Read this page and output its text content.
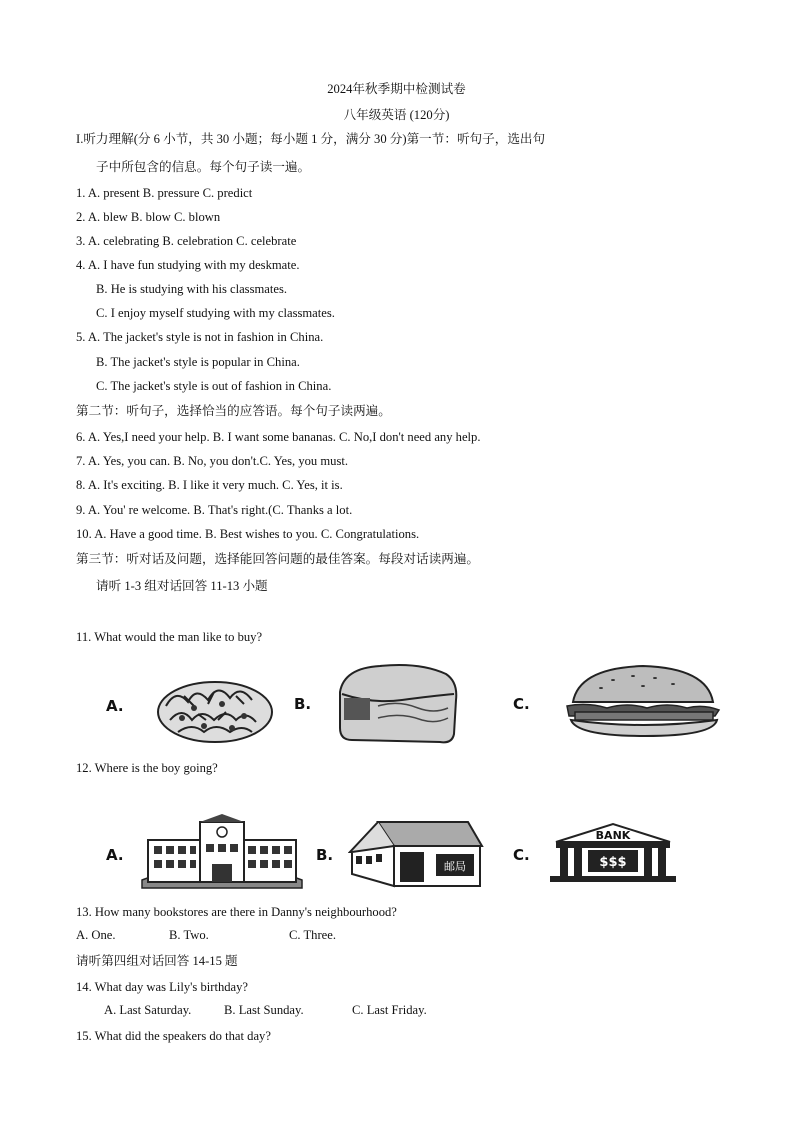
2024年秋季期中检测试卷
八年级英语 (120分)
I.听力理解(分 6 小节，共 30 小题；每小题 1 分，满分 30 分)第一节：听句子，选出句
子中所包含的信息。每个句子读一遍。
1. A. present B. pressure C. predict
2. A. blew B. blow C. blown
3. A. celebrating B. celebration C. celebrate
4. A. I have fun studying with my deskmate.
B. He is studying with his classmates.
C. I enjoy myself studying with my classmates.
5. A. The jacket's style is not in fashion in China.
B. The jacket's style is popular in China.
C. The jacket's style is out of fashion in China.
第二节：听句子，选择恰当的应答语。每个句子读两遍。
6. A. Yes,I need your help. B. I want some bananas. C. No,I don't need any help.
7. A. Yes, you can. B. No, you don't.C. Yes, you must.
8. A. It's exciting. B. I like it very much. C. Yes, it is.
9. A. You' re welcome. B. That's right.(C. Thanks a lot.
10. A. Have a good time. B. Best wishes to you. C. Congratulations.
第三节：听对话及问题，选择能回答问题的最佳答案。每段对话读两遍。
请听 1-3 组对话回答 11-13 小题
11. What would the man like to buy?
A.	B.	C.
12. Where is the boy going?
A.	B.
邮局
C.
BANK
$$$
13. How many bookstores are there in Danny's neighbourhood?
A. One.	B. Two.	C. Three.
请听第四组对话回答 14-15 题
14. What day was Lily's birthday?
A. Last Saturday.	B. Last Sunday.	C. Last Friday.
15. What did the speakers do that day?
